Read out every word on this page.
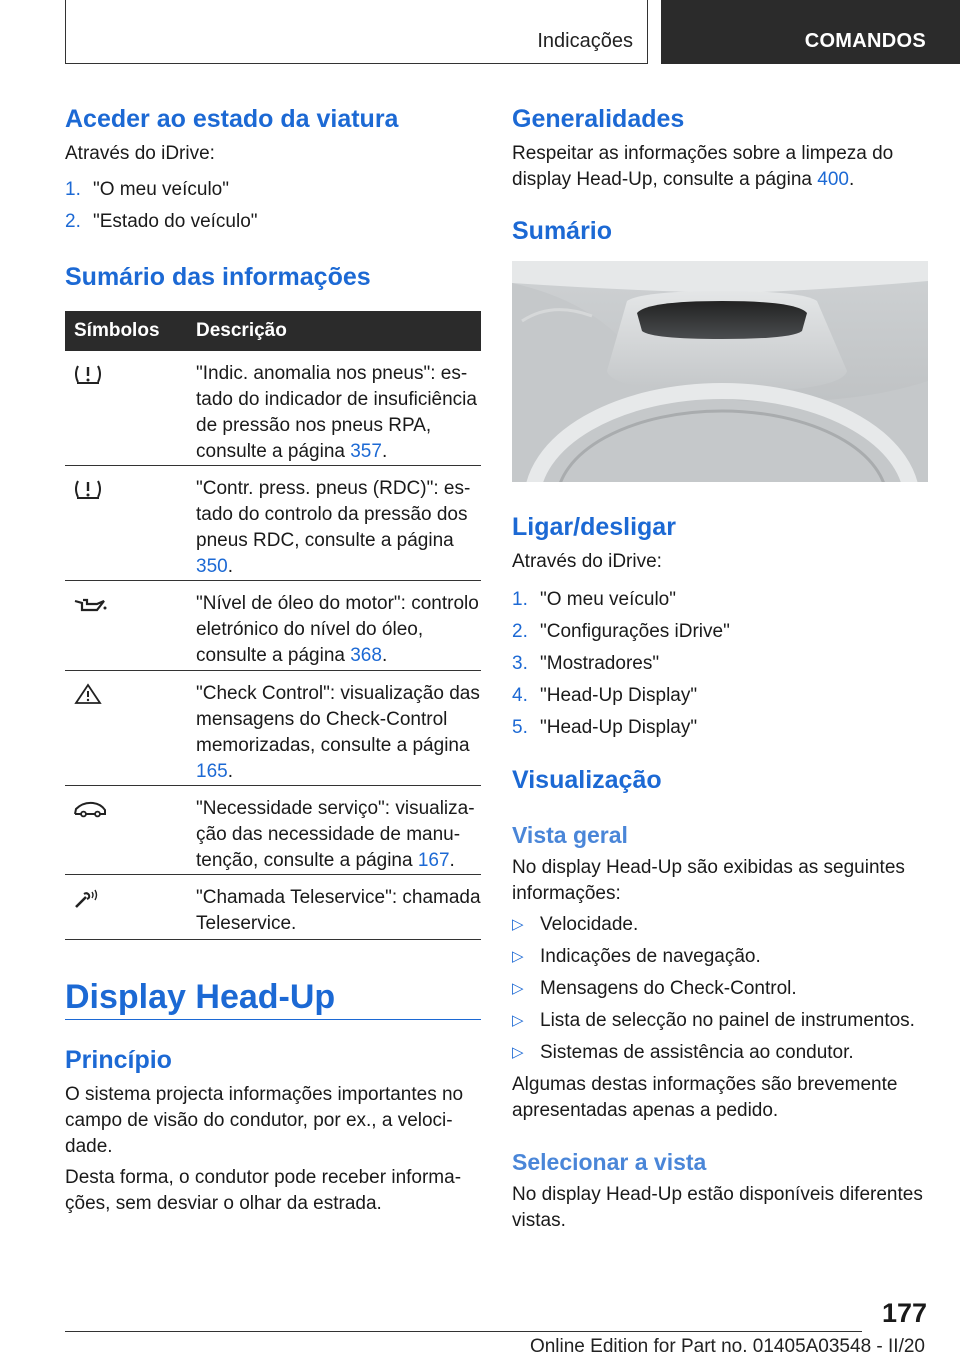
Indicações	COMANDOS
Aceder ao estado da viatura

Através do iDrive:

1. "O meu veículo"
2. "Estado do veículo"
Sumário das informações
Símbolos Descrição
"Indic. anomalia nos pneus": estado do indicador de insuficiência de pressão nos pneus RPA, consulte a página 357.
"Contr. press. pneus (RDC)": estado do controlo da pressão dos pneus RDC, consulte a página 350.
"Nível de óleo do motor": controlo eletrónico do nível do óleo, consulte a página 368.
"Check Control": visualização das mensagens do Check-Control memorizadas, consulte a página 165.
"Necessidade serviço": visualização das necessidade de manutenção, consulte a página 167.
"Chamada Teleservice": chamada Teleservice.
Display Head-Up
Princípio

O sistema projecta informações importantes no campo de visão do condutor, por ex., a velocidade.

Desta forma, o condutor pode receber informações, sem desviar o olhar da estrada.

Generalidades

Respeitar as informações sobre a limpeza do display Head-Up, consulte a página 400.

Sumário
Ligar/desligar

Através do iDrive:

1. "O meu veículo"
2. "Configurações iDrive"
3. "Mostradores"
4. "Head-Up Display"
5. "Head-Up Display"
Visualização
Vista geral

No display Head-Up são exibidas as seguintes informações:

▷ Velocidade.
▷ Indicações de navegação.
▷ Mensagens do Check-Control.
▷ Lista de selecção no painel de instrumentos.
▷ Sistemas de assistência ao condutor.

Algumas destas informações são brevemente apresentadas apenas a pedido.

Selecionar a vista

No display Head-Up estão disponíveis diferentes vistas.

177
Online Edition for Part no. 01405A03548 - II/20
